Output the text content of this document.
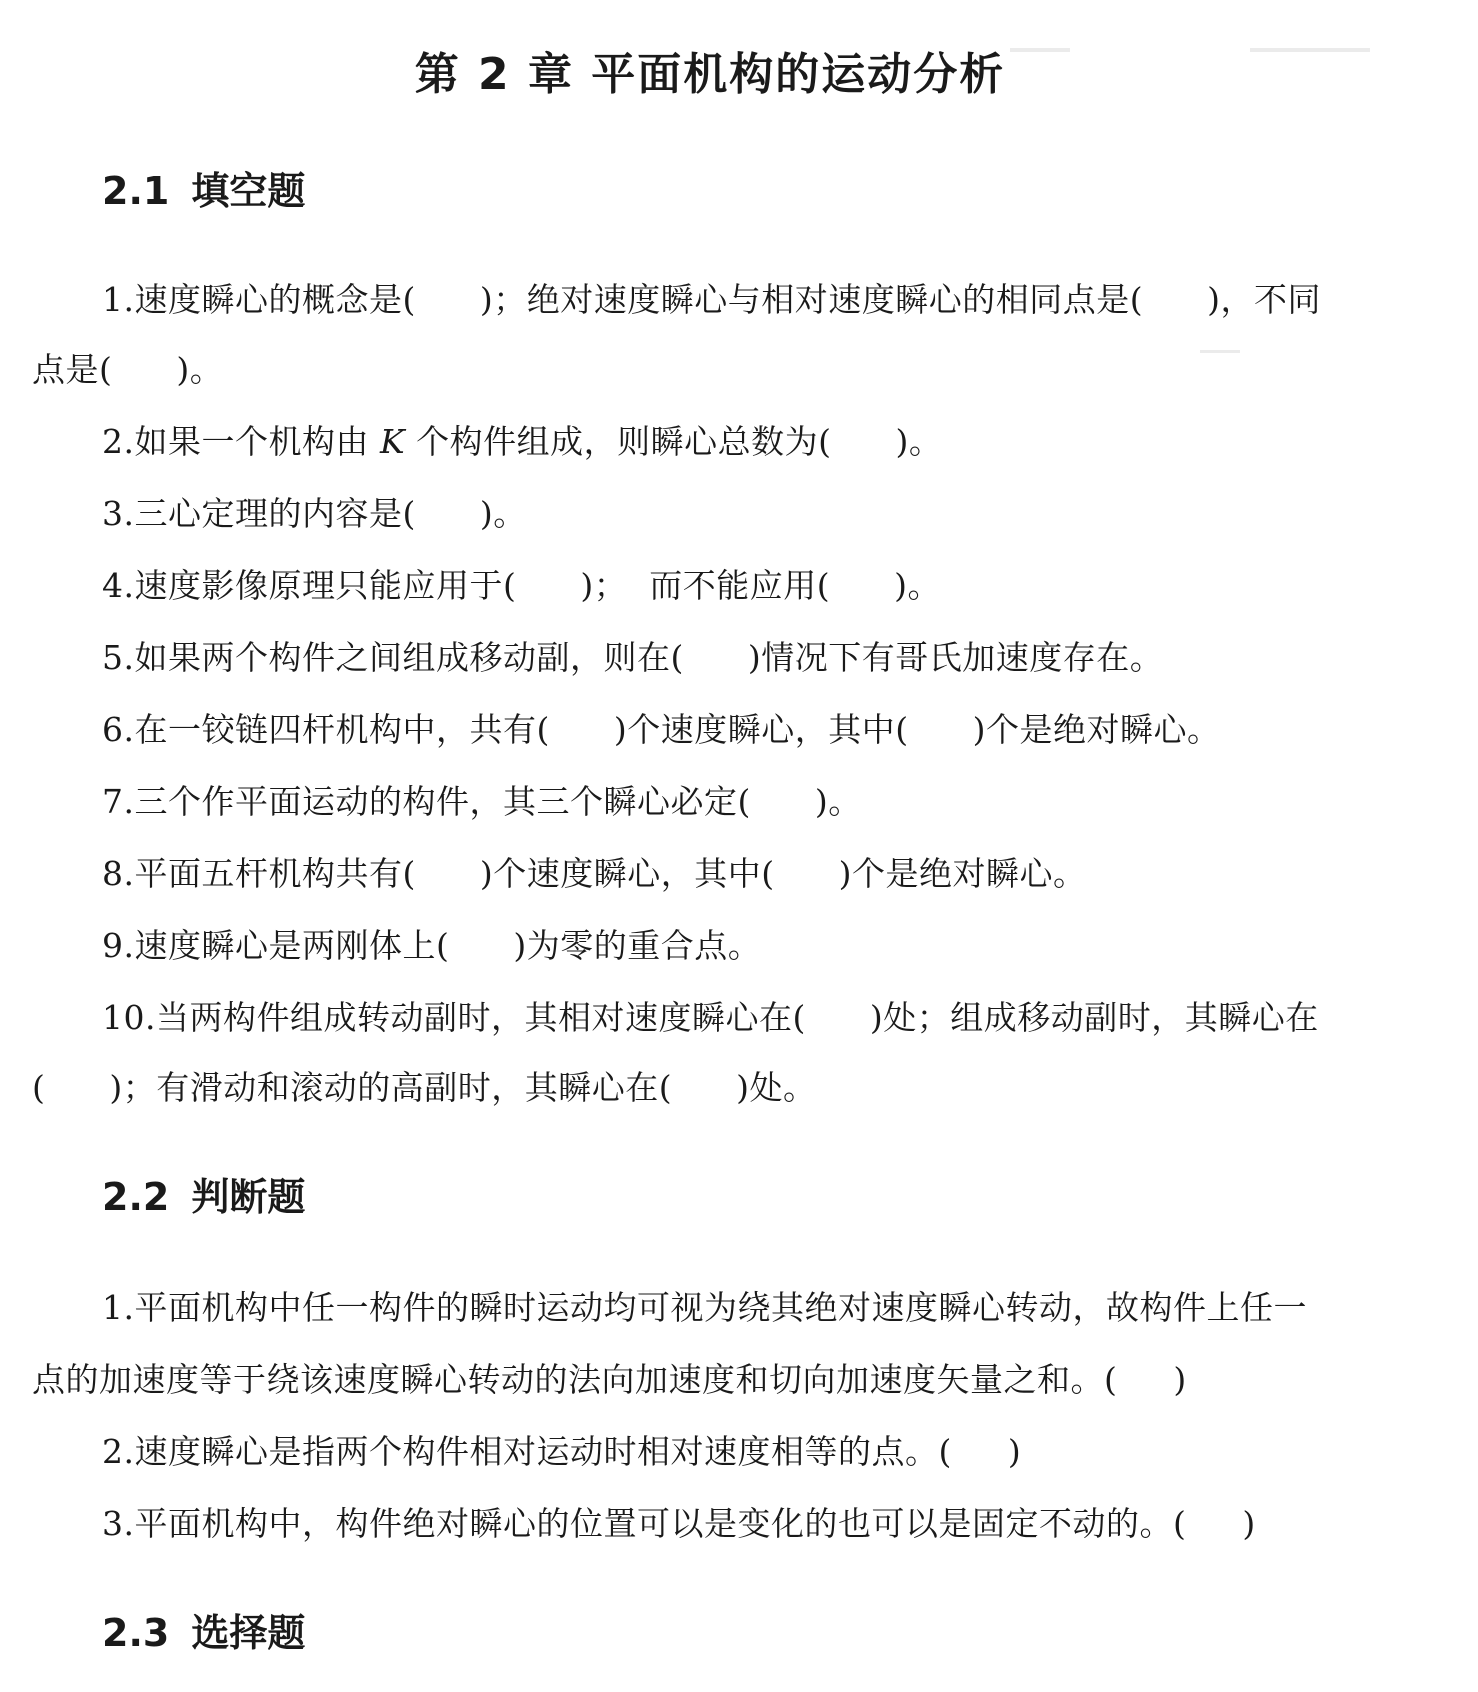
第 2 章 平面机构的运动分析
2.1 填空题

1.速度瞬心的概念是( )；绝对速度瞬心与相对速度瞬心的相同点是( )，不同

点是( )。

2.如果一个机构由 K 个构件组成，则瞬心总数为( )。

3.三心定理的内容是( )。

4.速度影像原理只能应用于( )；  而不能应用( )。

5.如果两个构件之间组成移动副，则在( )情况下有哥氏加速度存在。

6.在一铰链四杆机构中，共有( )个速度瞬心，其中( )个是绝对瞬心。

7.三个作平面运动的构件，其三个瞬心必定( )。

8.平面五杆机构共有( )个速度瞬心，其中( )个是绝对瞬心。

9.速度瞬心是两刚体上( )为零的重合点。

10.当两构件组成转动副时，其相对速度瞬心在( )处；组成移动副时，其瞬心在

( )；有滑动和滚动的高副时，其瞬心在( )处。

2.2 判断题

1.平面机构中任一构件的瞬时运动均可视为绕其绝对速度瞬心转动，故构件上任一

点的加速度等于绕该速度瞬心转动的法向加速度和切向加速度矢量之和。( )

2.速度瞬心是指两个构件相对运动时相对速度相等的点。( )

3.平面机构中，构件绝对瞬心的位置可以是变化的也可以是固定不动的。( )

2.3 选择题
